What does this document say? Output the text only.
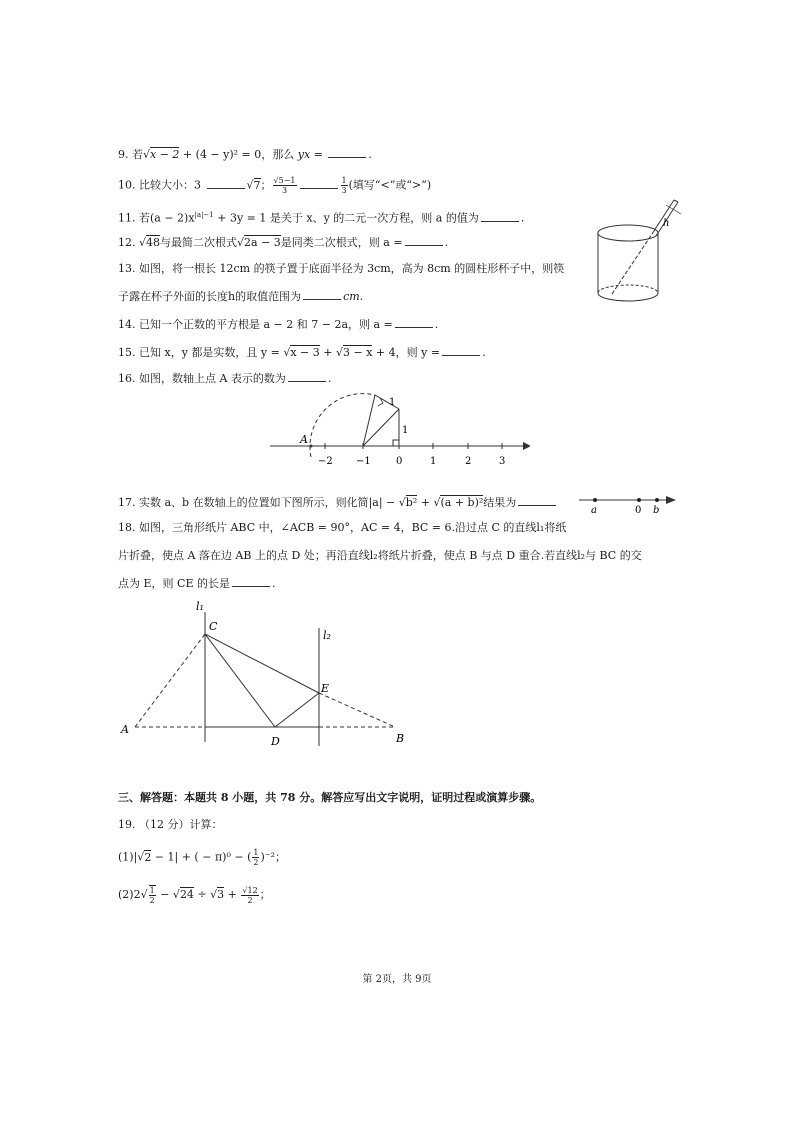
9. 若√x − 2 + (4 − y)² = 0，那么 yx =	.
10. 比较大小：3	√7； $\frac{√5-1}{3}$	$\frac{1}{3}$ (填写“<”或“>”)
11. 若$(a - 2)x^{|a|-1} + 3y = 1$ 是关于 x、y 的二元一次方程，则 a 的值为	.
12. √48与最简二次根式√2a − 3是同类二次根式，则 a =	.
13. 如图，将一根长 12cm 的筷子置于底面半径为 3cm，高为 8cm 的圆柱形杯子中，则筷
子露在杯子外面的长度h的取值范围为	cm.
h
14. 已知一个正数的平方根是 a − 2 和 7 − 2a，则 a =	.
15. 已知 x，y 都是实数，且 y = √x − 3 + √3 − x + 4，则 y =	.
16. 如图，数轴上点 A 表示的数为	.
−2 −1	0	1	2	3
A
1
1
17. 实数 a、b 在数轴上的位置如下图所示，则化简|a| − √b² + √(a + b)²结果为
a	0 b
18. 如图，三角形纸片 ABC 中，∠ACB = 90°，AC = 4，BC = 6.沿过点 C 的直线l₁将纸
片折叠，使点 A 落在边 AB 上的点 D 处；再沿直线l₂将纸片折叠，使点 B 与点 D 重合.若直线l₂与 BC 的交
点为 E，则 CE 的长是	.
l₁
l₂
C
E
A
D	B
三、解答题：本题共 8 小题，共 78 分。解答应写出文字说明，证明过程或演算步骤。
19. （12 分）计算：
(1)|√2 − 1| + ( − π)⁰ − ( $\frac{1}{2} )^{-2}$；
$(2)2√ \frac{1}{2} - √24 \div √3 + \frac{√12}{2}$ ；
第 2页，共 9页
